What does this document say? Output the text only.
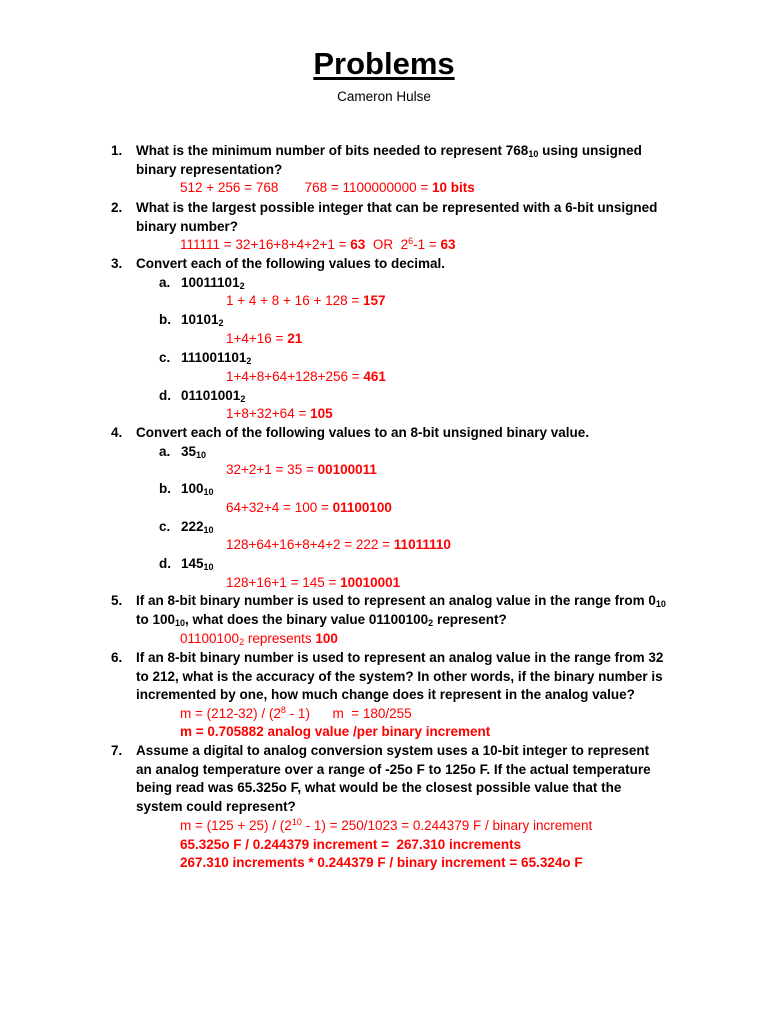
Problems
Cameron Hulse
1. What is the minimum number of bits needed to represent $768_{10}$ using unsigned
binary representation?
512 + 256 = 768       768 = 1100000000 = 10 bits
2. What is the largest possible integer that can be represented with a 6-bit unsigned
binary number?
111111 = 32+16+8+4+2+1 = 63  OR  $2^6-1 = 63$
3. Convert each of the following values to decimal.
a. $10011101_2$
1 + 4 + 8 + 16 + 128 = 157
b. $10101_2$
1+4+16 = 21
c. $111001101_2$
1+4+8+64+128+256 = 461
d. $01101001_2$
1+8+32+64 = 105
4. Convert each of the following values to an 8-bit unsigned binary value.
a. $35_{10}$
32+2+1 = 35 = 00100011
b. $100_{10}$
64+32+4 = 100 = 01100100
c. $222_{10}$
128+64+16+8+4+2 = 222 = 11011110
d. $145_{10}$
128+16+1 = 145 = 10010001
5. If an 8-bit binary number is used to represent an analog value in the range from $0_{10}$
to $100_{10}$, what does the binary value $01100100_2$ represent?
$01100100_2$ represents 100
6. If an 8-bit binary number is used to represent an analog value in the range from 32
to 212, what is the accuracy of the system? In other words, if the binary number is
incremented by one, how much change does it represent in the analog value?
$m = (212-32) / (2^8 - 1)$      m  = 180/255
m = 0.705882 analog value /per binary increment
7. Assume a digital to analog conversion system uses a 10-bit integer to represent
an analog temperature over a range of -25o F to 125o F. If the actual temperature
being read was 65.325o F, what would be the closest possible value that the
system could represent?
$m = (125 + 25) / (2^{10} - 1) = 250/1023 = 0.244379$ F / binary increment
65.325o F / 0.244379 increment =  267.310 increments
267.310 increments * 0.244379 F / binary increment = 65.324o F
